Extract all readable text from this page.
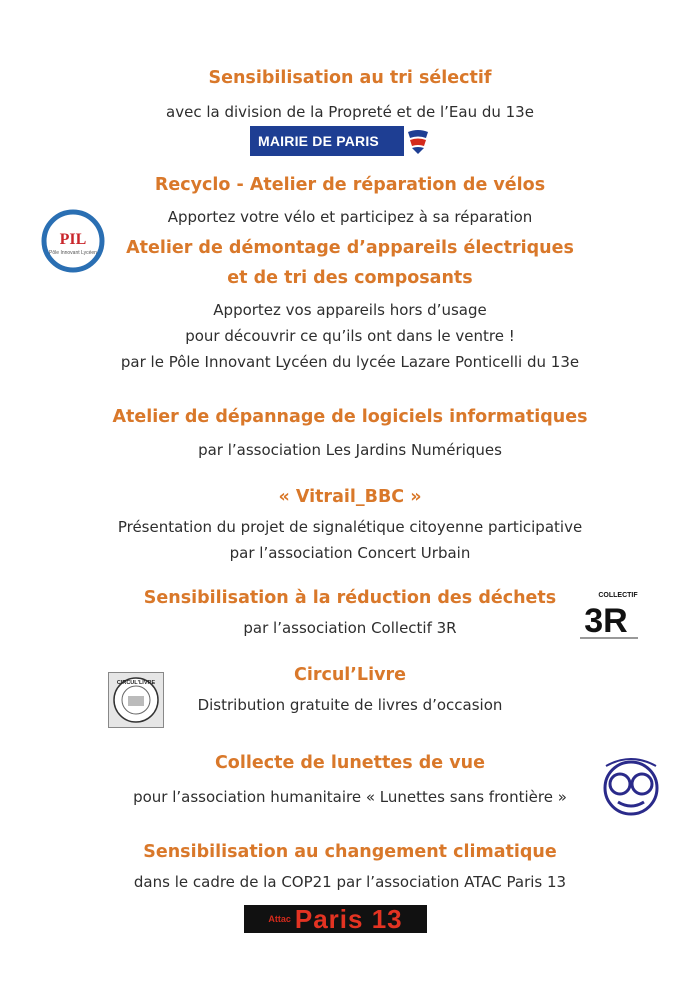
Sensibilisation au tri sélectif

avec la division de la Propreté et de l’Eau du 13e

MAIRIE DE PARIS

Recyclo - Atelier de réparation de vélos

Apportez votre vélo et participez à sa réparation

PIL
Pôle Innovant Lycéen	Atelier de démontage d’appareils électriques

et de tri des composants

Apportez vos appareils hors d’usage

pour découvrir ce qu’ils ont dans le ventre !

par le Pôle Innovant Lycéen du lycée Lazare Ponticelli du 13e

Atelier de dépannage de logiciels informatiques

par l’association Les Jardins Numériques

« Vitrail_BBC »

Présentation du projet de signalétique citoyenne participative

par l’association Concert Urbain

Sensibilisation à la réduction des déchets

par l’association Collectif 3R

COLLECTIF
3R

Circul’Livre

Distribution gratuite de livres d’occasion

CIRCUL'LIVRE

Collecte de lunettes de vue

pour l’association humanitaire « Lunettes sans frontière »

Sensibilisation au changement climatique

dans le cadre de la COP21 par l’association ATAC Paris 13

Attac Paris 13
